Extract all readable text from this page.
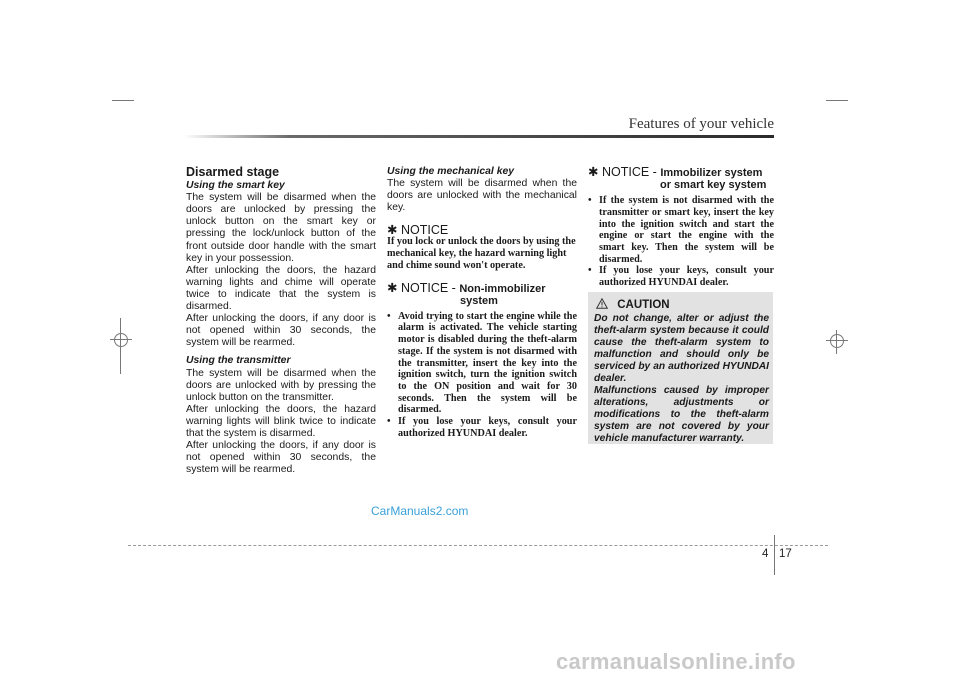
Features of your vehicle
Disarmed stage
Using the smart key

The system will be disarmed when the doors are unlocked by pressing the unlock button on the smart key or pressing the lock/unlock button of the front outside door handle with the smart key in your possession.

After unlocking the doors, the hazard warning lights and chime will operate twice to indicate that the system is disarmed.

After unlocking the doors, if any door is not opened within 30 seconds, the system will be rearmed.

Using the transmitter

The system will be disarmed when the doors are unlocked with by pressing the unlock button on the transmitter.

After unlocking the doors, the hazard warning lights will blink twice to indicate that the system is disarmed.

After unlocking the doors, if any door is not opened within 30 seconds, the system will be rearmed.

Using the mechanical key

The system will be disarmed when the doors are unlocked with the mechanical key.

✱ NOTICE

If you lock or unlock the doors by using the mechanical key, the hazard warning light and chime sound won't operate.

✱ NOTICE - Non-immobilizer
system
• Avoid trying to start the engine while the alarm is activated. The vehicle starting motor is disabled during the theft-alarm stage. If the system is not disarmed with the transmitter, insert the key into the ignition switch, turn the ignition switch to the ON position and wait for 30 seconds. Then the system will be disarmed.
• If you lose your keys, consult your authorized HYUNDAI dealer.
✱ NOTICE - Immobilizer system
or smart key system
• If the system is not disarmed with the transmitter or smart key, insert the key into the ignition switch and start the engine or start the engine with the smart key. Then the system will be disarmed.
• If you lose your keys, consult your authorized HYUNDAI dealer.
CAUTION

Do not change, alter or adjust the theft-alarm system because it could cause the theft-alarm system to malfunction and should only be serviced by an authorized HYUNDAI dealer.

Malfunctions caused by improper alterations, adjustments or modifications to the theft-alarm system are not covered by your vehicle manufacturer warranty.

4 17
CarManuals2.com
carmanualsonline.info
